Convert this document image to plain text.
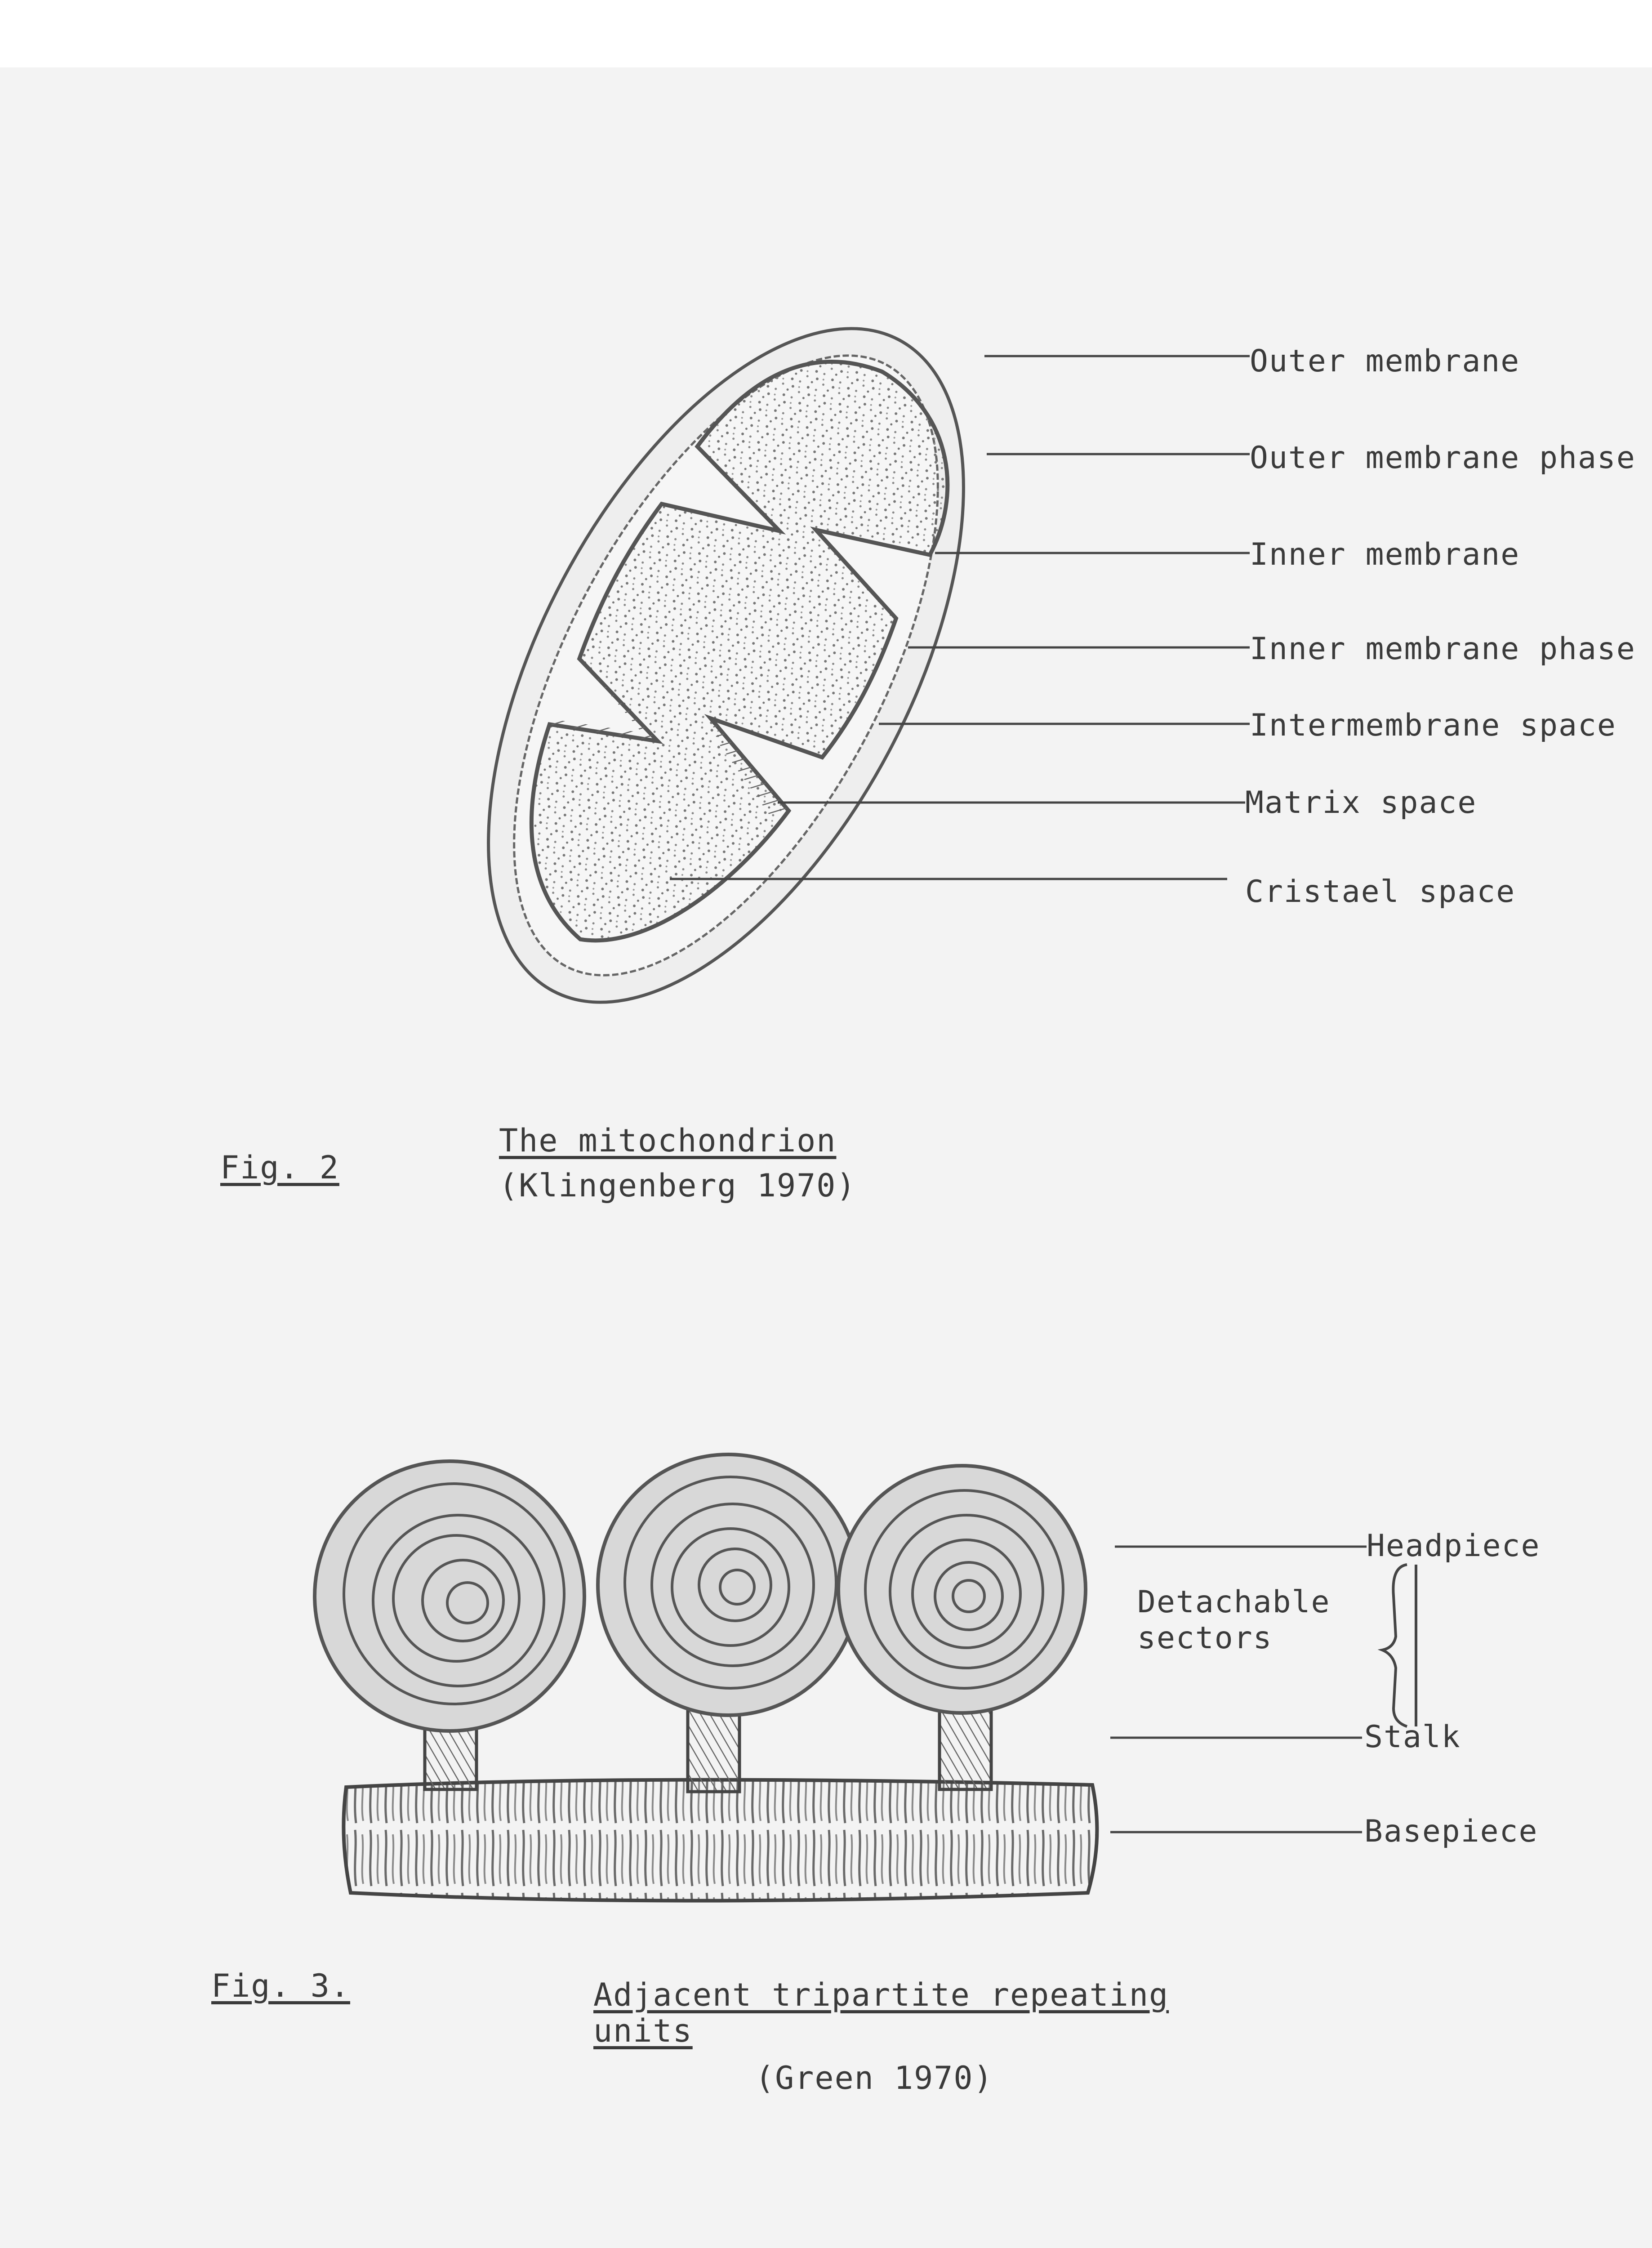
Outer membrane
Outer membrane phase
Inner membrane
Inner membrane phase
Intermembrane space
Matrix space
Cristael space
Fig. 2
The mitochondrion
(Klingenberg 1970)
Headpiece
Detachable
sectors
Stalk
Basepiece
Fig. 3.	Adjacent tripartite repeating
units
(Green 1970)
